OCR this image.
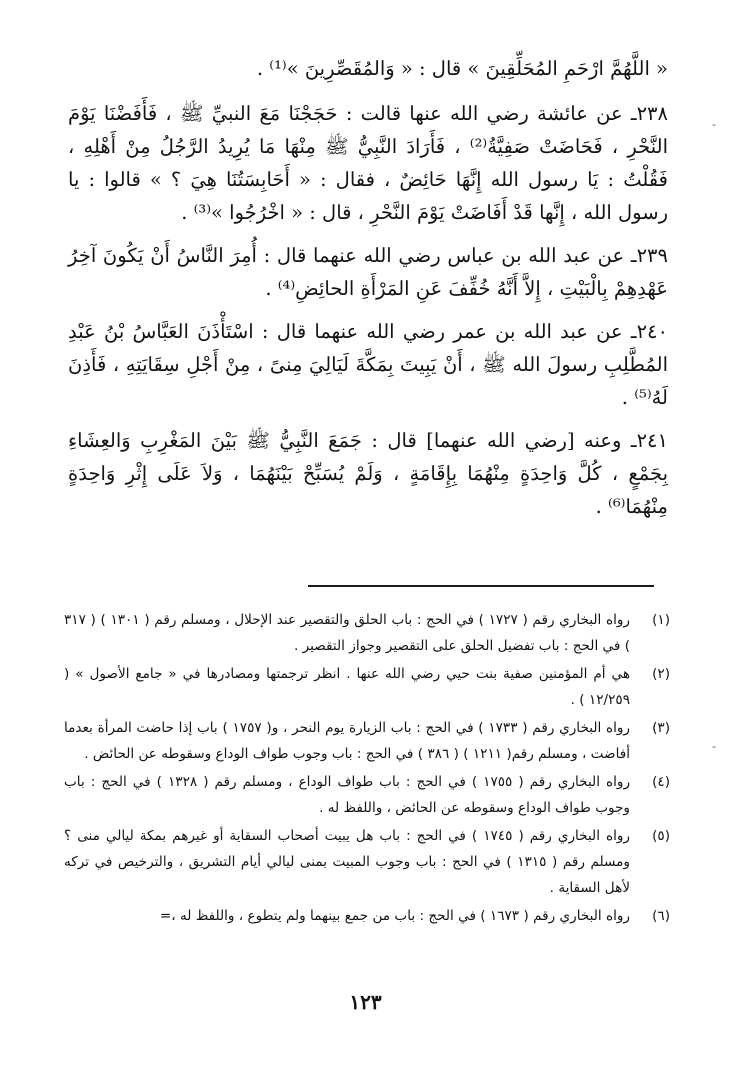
-
-

« اللَّهُمَّ ارْحَمِ المُحَلِّقِينَ » قال : « وَالمُقَصِّرِينَ »⁽¹⁾ .

٢٣٨ـ عن عائشة رضي الله عنها قالت : حَجَجْنَا مَعَ النبيِّ ﷺ ، فَأَفَضْنَا يَوْمَ النَّحْرِ ، فَحَاضَتْ صَفِيَّةُ⁽²⁾ ، فَأَرَادَ النَّبِيُّ ﷺ مِنْهَا مَا يُرِيدُ الرَّجُلُ مِنْ أَهْلِهِ ، فَقُلْتُ : يَا رسول الله إِنَّهَا حَائِضٌ ، فقال : « أَحَابِسَتُنَا هِيَ ؟ » قالوا : يا رسول الله ، إِنَّها قَدْ أَفَاضَتْ يَوْمَ النَّحْرِ ، قال : « اخْرُجُوا »⁽³⁾ .

٢٣٩ـ عن عبد الله بن عباس رضي الله عنهما قال : أُمِرَ النَّاسُ أَنْ يَكُونَ آخِرُ عَهْدِهِمْ بِالْبَيْتِ ، إِلاَّ أَنَّهُ خُفِّفَ عَنِ المَرْأَةِ الحائِضِ⁽⁴⁾ .

٢٤٠ـ عن عبد الله بن عمر رضي الله عنهما قال : اسْتَأْذَنَ العَبَّاسُ بْنُ عَبْدِ المُطَّلِبِ رسولَ الله ﷺ ، أَنْ يَبِيتَ بِمَكَّةَ لَيَالِيَ مِنىً ، مِنْ أَجْلِ سِقَايَتِهِ ، فَأَذِنَ لَهُ⁽⁵⁾ .

٢٤١ـ وعنه [رضي الله عنهما] قال : جَمَعَ النَّبِيُّ ﷺ بَيْنَ المَغْرِبِ وَالعِشَاءِ بِجَمْعٍ ، كُلَّ وَاحِدَةٍ مِنْهُمَا بِإِقَامَةٍ ، وَلَمْ يُسَبِّحْ بَيْنَهُمَا ، وَلاَ عَلَى إِثْرِ وَاحِدَةٍ مِنْهُمَا⁽⁶⁾ .

(١)
رواه البخاري رقم ( ١٧٢٧ ) في الحج : باب الحلق والتقصير عند الإحلال ، ومسلم رقم ( ١٣٠١ ) ( ٣١٧ ) في الحج : باب تفضيل الحلق على التقصير وجواز التقصير .
(٢)
هي أم المؤمنين صفية بنت حيي رضي الله عنها . انظر ترجمتها ومصادرها في « جامع الأصول » ( ١٢/٢٥٩ ) .
(٣)
رواه البخاري رقم ( ١٧٣٣ ) في الحج : باب الزيارة يوم النحر ، و( ١٧٥٧ ) باب إذا حاضت المرأة بعدما أفاضت ، ومسلم رقم( ١٢١١ ) ( ٣٨٦ ) في الحج : باب وجوب طواف الوداع وسقوطه عن الحائض .
(٤)
رواه البخاري رقم ( ١٧٥٥ ) في الحج : باب طواف الوداع ، ومسلم رقم ( ١٣٢٨ ) في الحج : باب وجوب طواف الوداع وسقوطه عن الحائض ، واللفظ له .
(٥)
رواه البخاري رقم ( ١٧٤٥ ) في الحج : باب هل يبيت أصحاب السقاية أو غيرهم بمكة ليالي منى ؟ ومسلم رقم ( ١٣١٥ ) في الحج : باب وجوب المبيت بمنى ليالي أيام التشريق ، والترخيص في تركه لأهل السقاية .
(٦)
رواه البخاري رقم ( ١٦٧٣ ) في الحج : باب من جمع بينهما ولم يتطوع ، واللفظ له ،=
١٢٣
